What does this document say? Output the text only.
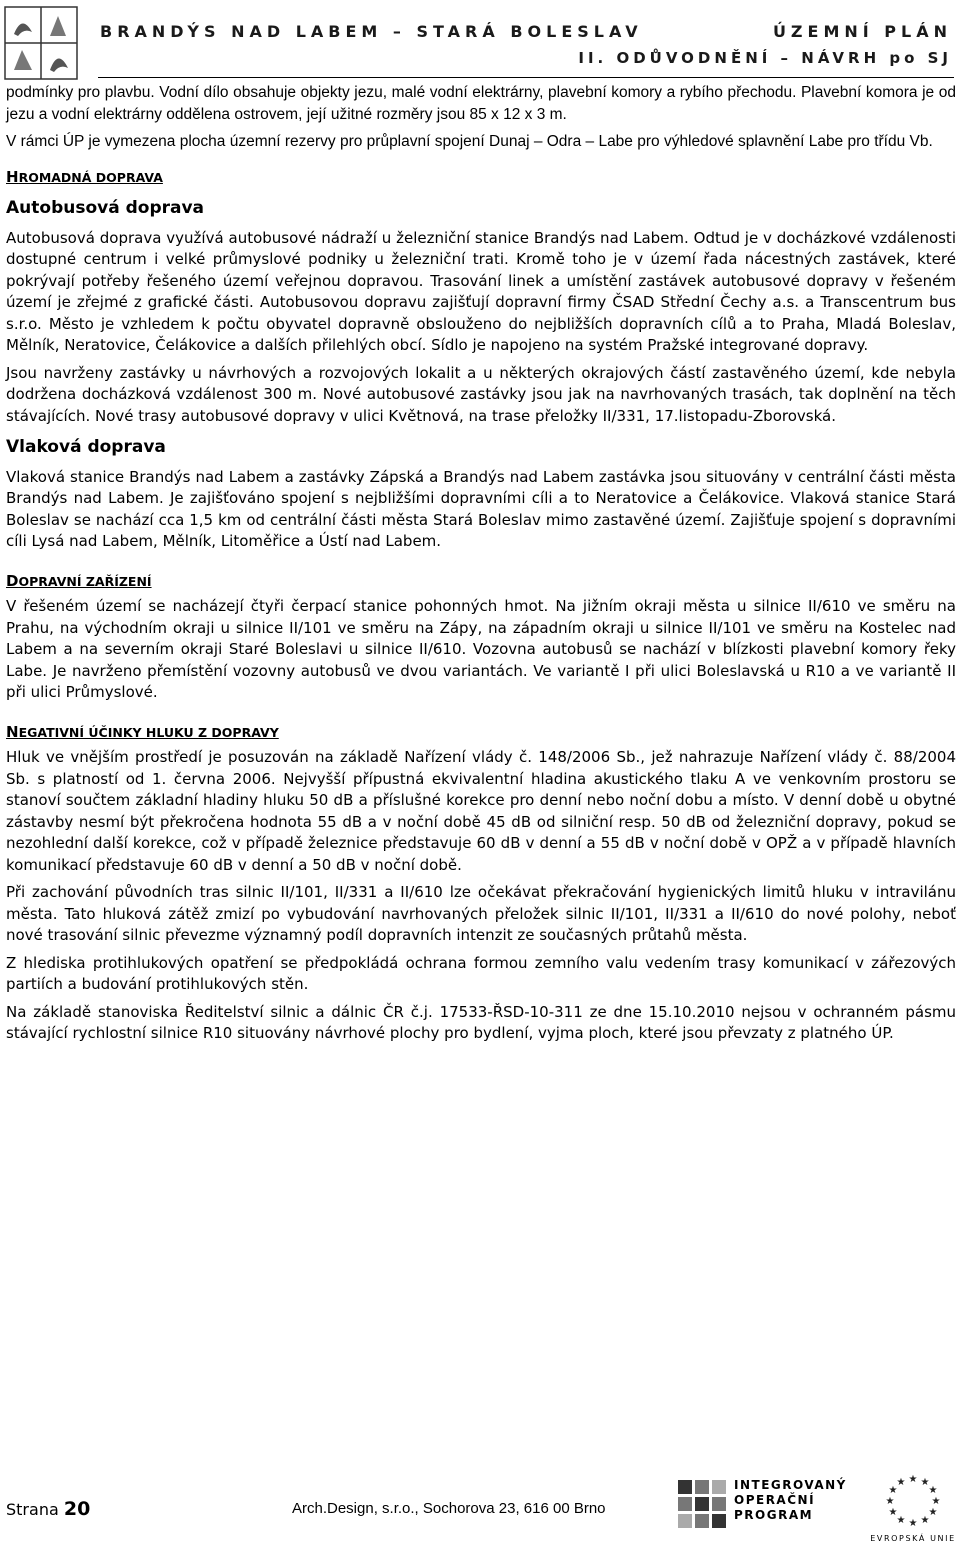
BRANDÝS NAD LABEM – STARÁ BOLESLAV	ÚZEMNÍ PLÁN
II. ODŮVODNĚNÍ – NÁVRH po SJ

podmínky pro plavbu. Vodní dílo obsahuje objekty jezu, malé vodní elektrárny, plavební komory a rybího přechodu. Plavební komora je od jezu a vodní elektrárny oddělena ostrovem, její užitné rozměry jsou 85 x 12 x 3 m.

V rámci ÚP je vymezena plocha územní rezervy pro průplavní spojení Dunaj – Odra – Labe pro výhledové splavnění Labe pro třídu Vb.

HROMADNÁ DOPRAVA
Autobusová doprava

Autobusová doprava využívá autobusové nádraží u železniční stanice Brandýs nad Labem. Odtud je v docházkové vzdálenosti dostupné centrum i velké průmyslové podniky u železniční trati. Kromě toho je v území řada nácestných zastávek, které pokrývají potřeby řešeného území veřejnou dopravou. Trasování linek a umístění zastávek autobusové dopravy v řešeném území je zřejmé z grafické části. Autobusovou dopravu zajišťují dopravní firmy ČSAD Střední Čechy a.s. a Transcentrum bus s.r.o. Město je vzhledem k počtu obyvatel dopravně obslouženo do nejbližších dopravních cílů a to Praha, Mladá Boleslav, Mělník, Neratovice, Čelákovice a dalších přilehlých obcí. Sídlo je napojeno na systém Pražské integrované dopravy.

Jsou navrženy zastávky u návrhových a rozvojových lokalit a u některých okrajových částí zastavěného území, kde nebyla dodržena docházková vzdálenost 300 m. Nové autobusové zastávky jsou jak na navrhovaných trasách, tak doplnění na těch stávajících. Nové trasy autobusové dopravy v ulici Květnová, na trase přeložky II/331, 17.listopadu-Zborovská.

Vlaková doprava

Vlaková stanice Brandýs nad Labem a zastávky Zápská a Brandýs nad Labem zastávka jsou situovány v centrální části města Brandýs nad Labem. Je zajišťováno spojení s nejbližšími dopravními cíli a to Neratovice a Čelákovice. Vlaková stanice Stará Boleslav se nachází cca 1,5 km od centrální části města Stará Boleslav mimo zastavěné území. Zajišťuje spojení s dopravními cíli Lysá nad Labem, Mělník, Litoměřice a Ústí nad Labem.

DOPRAVNÍ ZAŘÍZENÍ

V řešeném území se nacházejí čtyři čerpací stanice pohonných hmot. Na jižním okraji města u silnice II/610 ve směru na Prahu, na východním okraji u silnice II/101 ve směru na Zápy, na západním okraji u silnice II/101 ve směru na Kostelec nad Labem a na severním okraji Staré Boleslavi u silnice II/610. Vozovna autobusů se nachází v blízkosti plavební komory řeky Labe. Je navrženo přemístění vozovny autobusů ve dvou variantách. Ve variantě I při ulici Boleslavská u R10 a ve variantě II při ulici Průmyslové.

NEGATIVNÍ ÚČINKY HLUKU Z DOPRAVY

Hluk ve vnějším prostředí je posuzován na základě Nařízení vlády č. 148/2006 Sb., jež nahrazuje Nařízení vlády č. 88/2004 Sb. s platností od 1. června 2006. Nejvyšší přípustná ekvivalentní hladina akustického tlaku A ve venkovním prostoru se stanoví součtem základní hladiny hluku 50 dB a příslušné korekce pro denní nebo noční dobu a místo. V denní době u obytné zástavby nesmí být překročena hodnota 55 dB a v noční době 45 dB od silniční resp. 50 dB od železniční dopravy, pokud se nezohlední další korekce, což v případě železnice představuje 60 dB v denní a 55 dB v noční době v OPŽ a v případě hlavních komunikací představuje 60 dB v denní a 50 dB v noční době.

Při zachování původních tras silnic II/101, II/331 a II/610 lze očekávat překračování hygienických limitů hluku v intravilánu města. Tato hluková zátěž zmizí po vybudování navrhovaných přeložek silnic II/101, II/331 a II/610 do nové polohy, neboť nové trasování silnic převezme významný podíl dopravních intenzit ze současných průtahů města.

Z hlediska protihlukových opatření se předpokládá ochrana formou zemního valu vedením trasy komunikací v zářezových partiích a budování protihlukových stěn.

Na základě stanoviska Ředitelství silnic a dálnic ČR č.j. 17533-ŘSD-10-311 ze dne 15.10.2010 nejsou v ochranném pásmu stávající rychlostní silnice R10 situovány návrhové plochy pro bydlení, vyjma ploch, které jsou převzaty z platného ÚP.

Strana 20	Arch.Design, s.r.o., Sochorova 23, 616 00 Brno
INTEGROVANÝ
OPERAČNÍ
PROGRAM
★ ★
★
★
★
★
★
★
★
★
★
★
EVROPSKÁ UNIE
